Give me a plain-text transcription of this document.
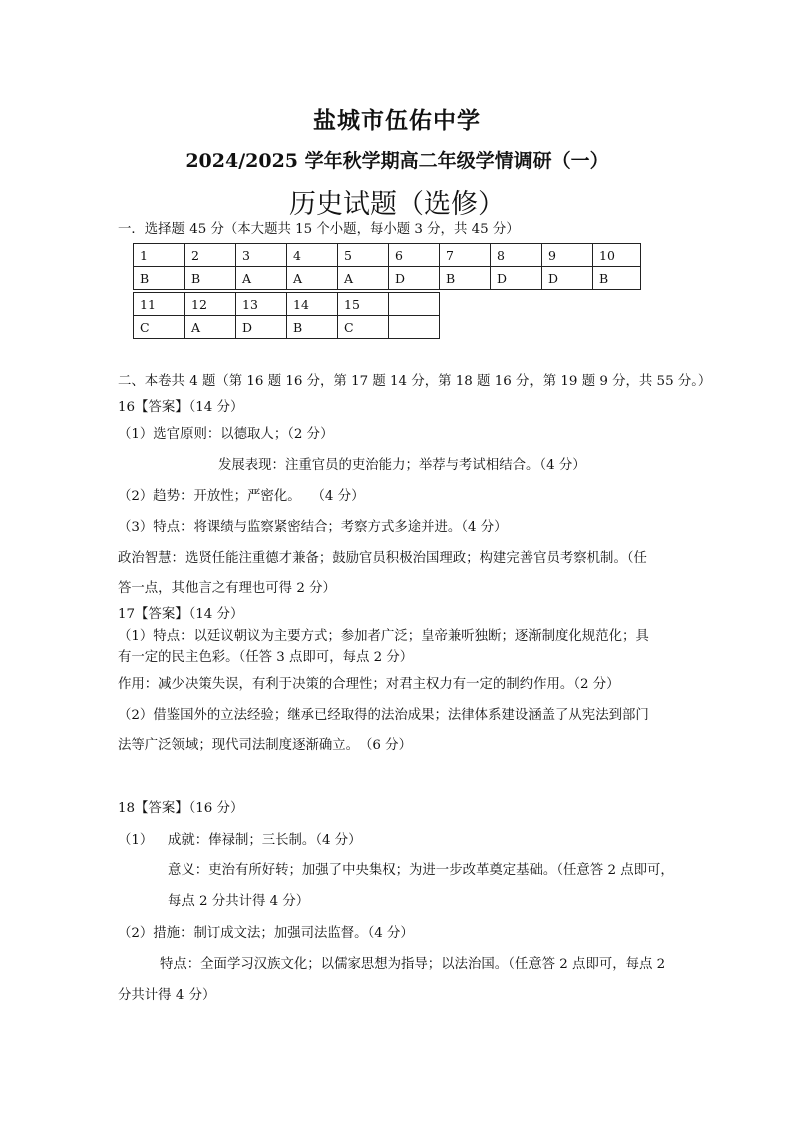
盐城市伍佑中学
2024/2025 学年秋学期高二年级学情调研（一）
历史试题（选修）
一．选择题 45 分（本大题共 15 个小题，每小题 3 分，共 45 分）
1	2	3	4	5	6	7	8	9	10
B	B	A	A	A	D	B	D	D	B
11	12	13	14	15	
C	A	D	B	C	
二、本卷共 4 题（第 16 题 16 分，第 17 题 14 分，第 18 题 16 分，第 19 题 9 分，共 55 分。）
16【答案】（14 分）
（1）选官原则：以德取人；（2 分）
发展表现：注重官员的吏治能力；举荐与考试相结合。（4 分）
（2）趋势：开放性；严密化。　 （4 分）
（3）特点：将课绩与监察紧密结合；考察方式多途并进。（4 分）
政治智慧：选贤任能注重德才兼备；鼓励官员积极治国理政；构建完善官员考察机制。（任
答一点，其他言之有理也可得 2 分）
17【答案】（14 分）
（1）特点：以廷议朝议为主要方式；参加者广泛；皇帝兼听独断；逐渐制度化规范化；具
有一定的民主色彩。（任答 3 点即可，每点 2 分）
作用：减少决策失误，有利于决策的合理性；对君主权力有一定的制约作用。（2 分）
（2）借鉴国外的立法经验；继承已经取得的法治成果；法律体系建设涵盖了从宪法到部门
法等广泛领域；现代司法制度逐渐确立。　（6 分）
18【答案】（16 分）
（1） 成就：俸禄制；三长制。（4 分）
意义：吏治有所好转；加强了中央集权；为进一步改革奠定基础。（任意答 2 点即可，
每点 2 分共计得 4 分）
（2）措施：制订成文法；加强司法监督。（4 分）
特点：全面学习汉族文化；以儒家思想为指导；以法治国。（任意答 2 点即可，每点 2
分共计得 4 分）
